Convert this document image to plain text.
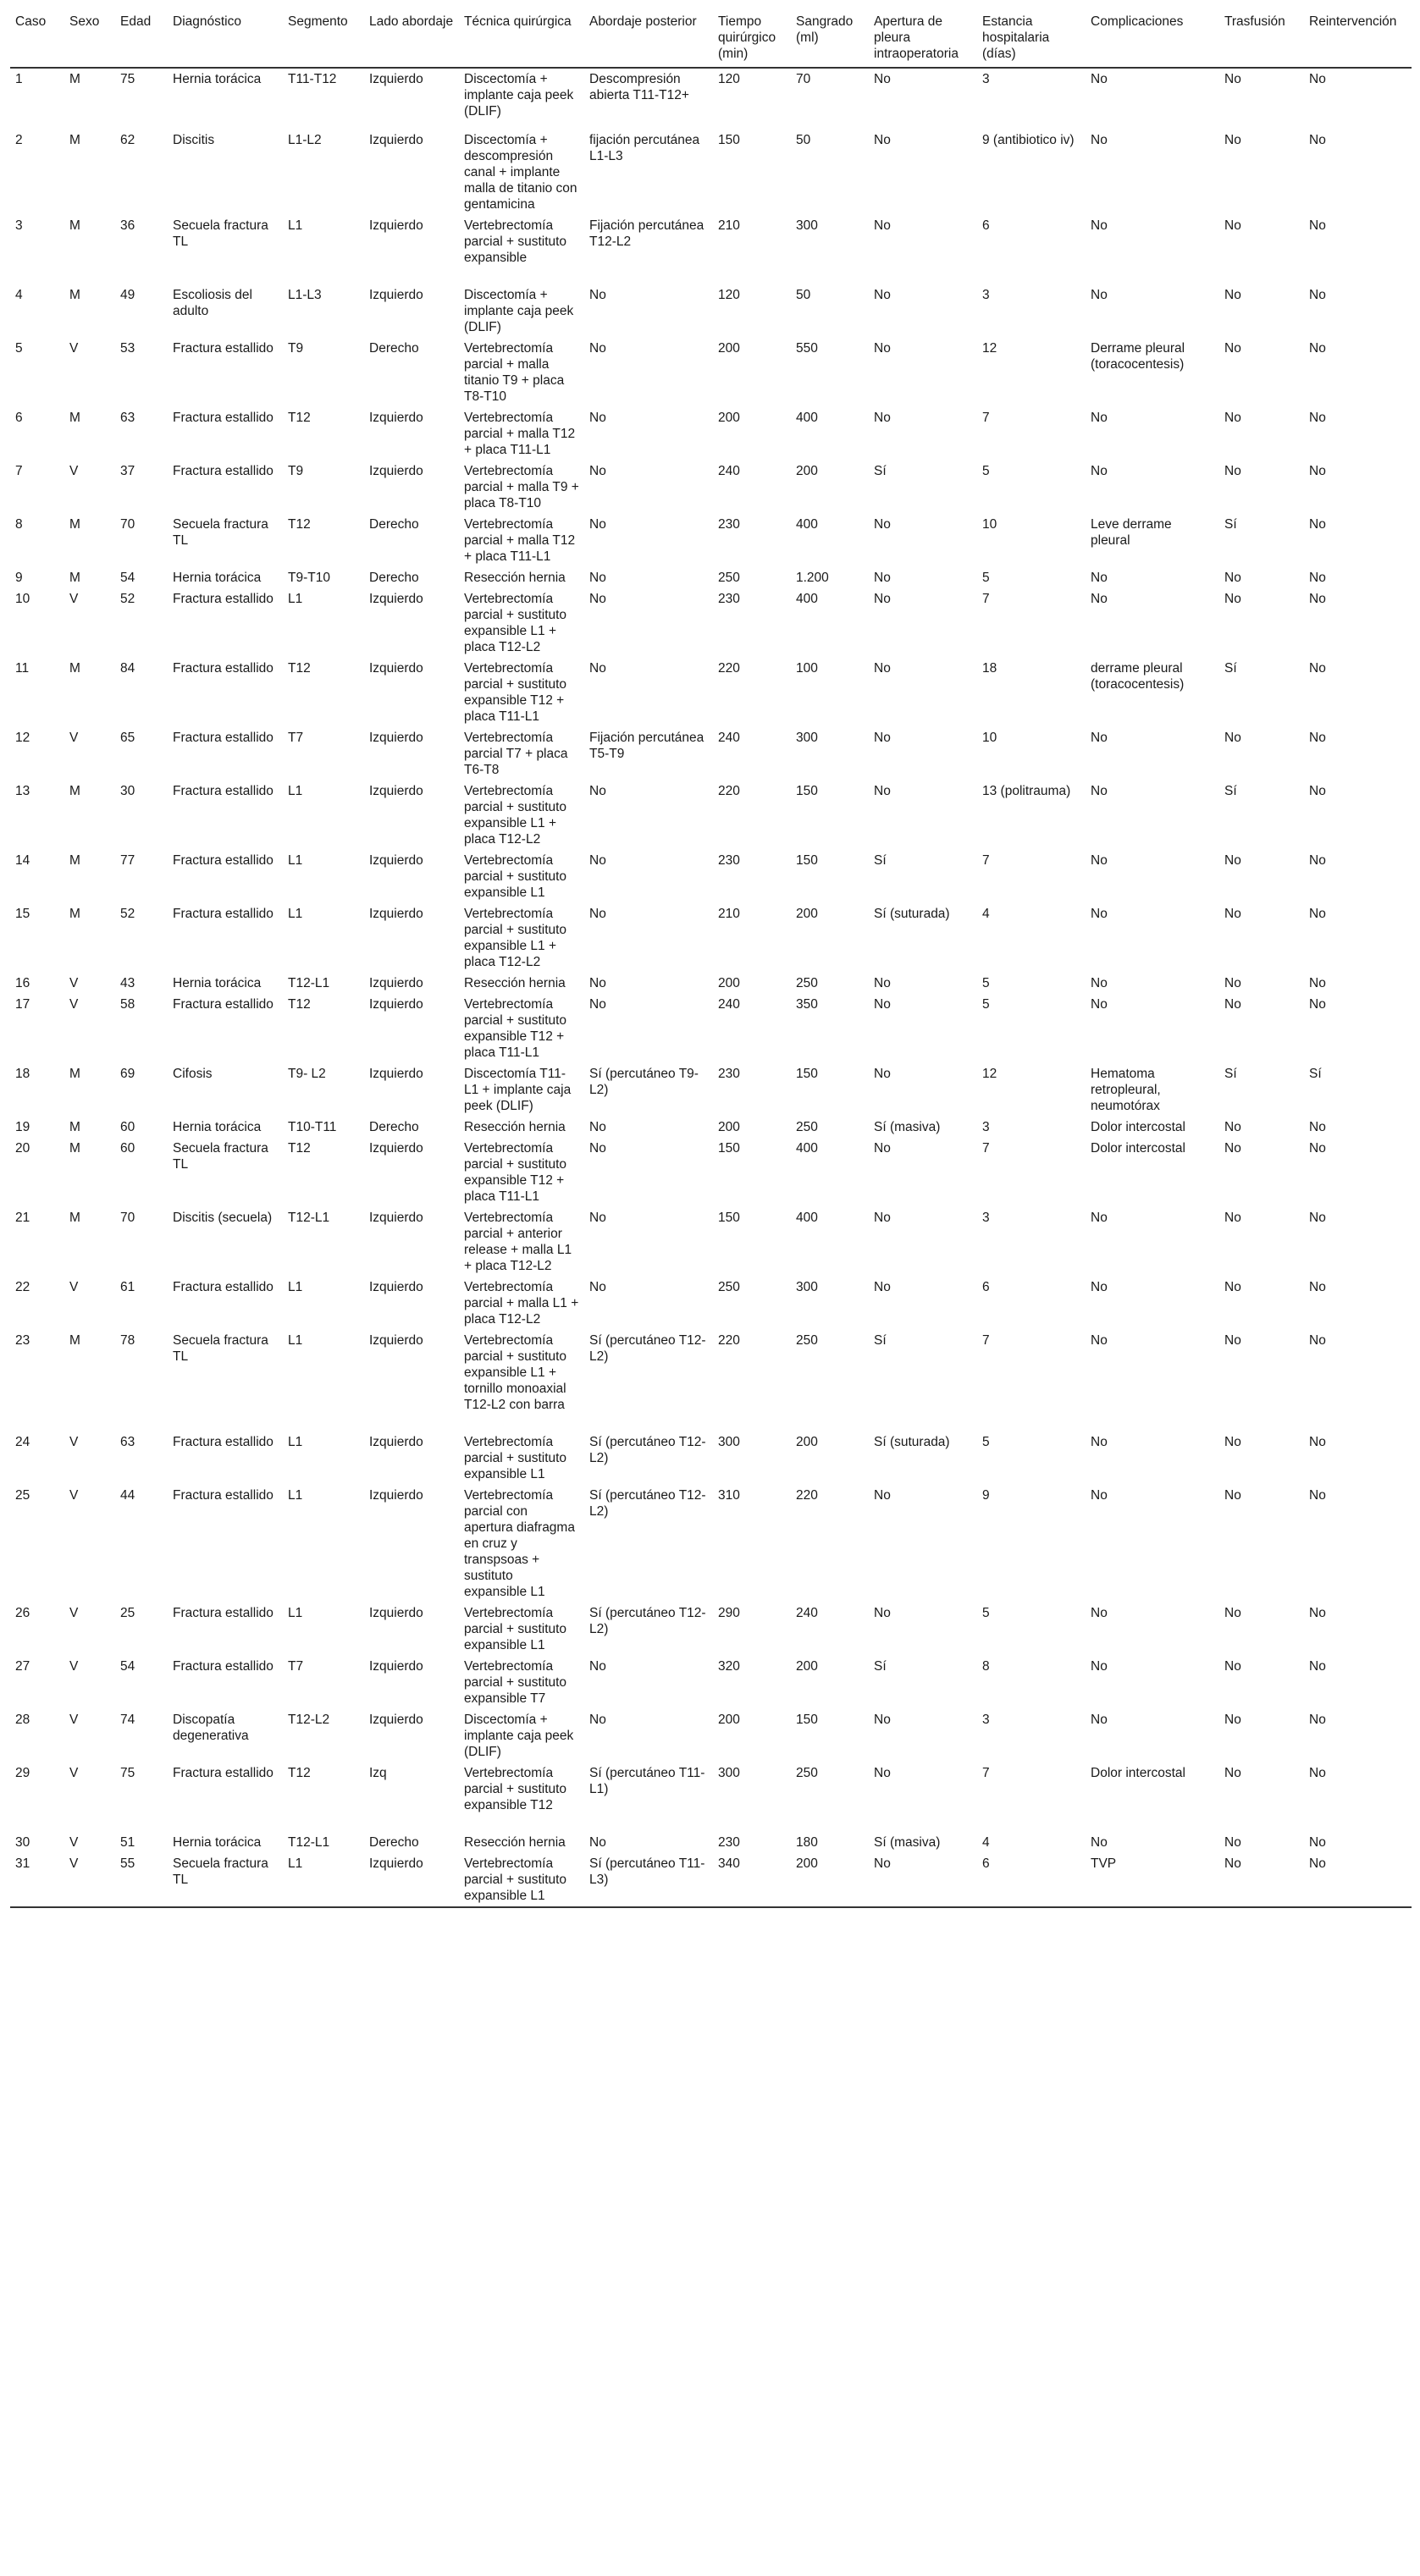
Caso	Sexo	Edad	Diagnóstico	Segmento	Lado abordaje	Técnica quirúrgica	Abordaje posterior	Tiempo quirúrgico (min)	Sangrado (ml)	Apertura de pleura intraoperatoria	Estancia hospitalaria (días)	Complicaciones	Trasfusión	Reintervención
1	M	75	Hernia torácica	T11-T12	Izquierdo	Discectomía + implante caja peek (DLIF)	Descompresión abierta T11-T12+	120	70	No	3	No	No	No
2	M	62	Discitis	L1-L2	Izquierdo	Discectomía + descompresión canal + implante malla de titanio con gentamicina	fijación percutánea L1-L3	150	50	No	9 (antibiotico iv)	No	No	No
3	M	36	Secuela fractura TL	L1	Izquierdo	Vertebrectomía parcial + sustituto expansible	Fijación percutánea T12-L2	210	300	No	6	No	No	No
4	M	49	Escoliosis del adulto	L1-L3	Izquierdo	Discectomía + implante caja peek (DLIF)	No	120	50	No	3	No	No	No
5	V	53	Fractura estallido	T9	Derecho	Vertebrectomía parcial + malla titanio T9 + placa T8-T10	No	200	550	No	12	Derrame pleural (toracocentesis)	No	No
6	M	63	Fractura estallido	T12	Izquierdo	Vertebrectomía parcial + malla T12 + placa T11-L1	No	200	400	No	7	No	No	No
7	V	37	Fractura estallido	T9	Izquierdo	Vertebrectomía parcial + malla T9 + placa T8-T10	No	240	200	Sí	5	No	No	No
8	M	70	Secuela fractura TL	T12	Derecho	Vertebrectomía parcial + malla T12 + placa T11-L1	No	230	400	No	10	Leve derrame pleural	Sí	No
9	M	54	Hernia torácica	T9-T10	Derecho	Resección hernia	No	250	1.200	No	5	No	No	No
10	V	52	Fractura estallido	L1	Izquierdo	Vertebrectomía parcial + sustituto expansible L1 + placa T12-L2	No	230	400	No	7	No	No	No
11	M	84	Fractura estallido	T12	Izquierdo	Vertebrectomía parcial + sustituto expansible T12 + placa T11-L1	No	220	100	No	18	derrame pleural (toracocentesis)	Sí	No
12	V	65	Fractura estallido	T7	Izquierdo	Vertebrectomía parcial T7 + placa T6-T8	Fijación percutánea T5-T9	240	300	No	10	No	No	No
13	M	30	Fractura estallido	L1	Izquierdo	Vertebrectomía parcial + sustituto expansible L1 + placa T12-L2	No	220	150	No	13 (politrauma)	No	Sí	No
14	M	77	Fractura estallido	L1	Izquierdo	Vertebrectomía parcial + sustituto expansible L1	No	230	150	Sí	7	No	No	No
15	M	52	Fractura estallido	L1	Izquierdo	Vertebrectomía parcial + sustituto expansible L1 + placa T12-L2	No	210	200	Sí (suturada)	4	No	No	No
16	V	43	Hernia torácica	T12-L1	Izquierdo	Resección hernia	No	200	250	No	5	No	No	No
17	V	58	Fractura estallido	T12	Izquierdo	Vertebrectomía parcial + sustituto expansible T12 + placa T11-L1	No	240	350	No	5	No	No	No
18	M	69	Cifosis	T9- L2	Izquierdo	Discectomía T11-L1 + implante caja peek (DLIF)	Sí (percutáneo T9-L2)	230	150	No	12	Hematoma retropleural, neumotórax	Sí	Sí
19	M	60	Hernia torácica	T10-T11	Derecho	Resección hernia	No	200	250	Sí (masiva)	3	Dolor intercostal	No	No
20	M	60	Secuela fractura TL	T12	Izquierdo	Vertebrectomía parcial + sustituto expansible T12 + placa T11-L1	No	150	400	No	7	Dolor intercostal	No	No
21	M	70	Discitis (secuela)	T12-L1	Izquierdo	Vertebrectomía parcial + anterior release + malla L1 + placa T12-L2	No	150	400	No	3	No	No	No
22	V	61	Fractura estallido	L1	Izquierdo	Vertebrectomía parcial + malla L1 + placa T12-L2	No	250	300	No	6	No	No	No
23	M	78	Secuela fractura TL	L1	Izquierdo	Vertebrectomía parcial + sustituto expansible L1 + tornillo monoaxial T12-L2 con barra	Sí (percutáneo T12-L2)	220	250	Sí	7	No	No	No
24	V	63	Fractura estallido	L1	Izquierdo	Vertebrectomía parcial + sustituto expansible L1	Sí (percutáneo T12-L2)	300	200	Sí (suturada)	5	No	No	No
25	V	44	Fractura estallido	L1	Izquierdo	Vertebrectomía parcial con apertura diafragma en cruz y transpsoas + sustituto expansible L1	Sí (percutáneo T12-L2)	310	220	No	9	No	No	No
26	V	25	Fractura estallido	L1	Izquierdo	Vertebrectomía parcial + sustituto expansible L1	Sí (percutáneo T12-L2)	290	240	No	5	No	No	No
27	V	54	Fractura estallido	T7	Izquierdo	Vertebrectomía parcial + sustituto expansible T7	No	320	200	Sí	8	No	No	No
28	V	74	Discopatía degenerativa	T12-L2	Izquierdo	Discectomía + implante caja peek (DLIF)	No	200	150	No	3	No	No	No
29	V	75	Fractura estallido	T12	Izq	Vertebrectomía parcial + sustituto expansible T12	Sí (percutáneo T11-L1)	300	250	No	7	Dolor intercostal	No	No
30	V	51	Hernia torácica	T12-L1	Derecho	Resección hernia	No	230	180	Sí (masiva)	4	No	No	No
31	V	55	Secuela fractura TL	L1	Izquierdo	Vertebrectomía parcial + sustituto expansible L1	Sí (percutáneo T11-L3)	340	200	No	6	TVP	No	No
